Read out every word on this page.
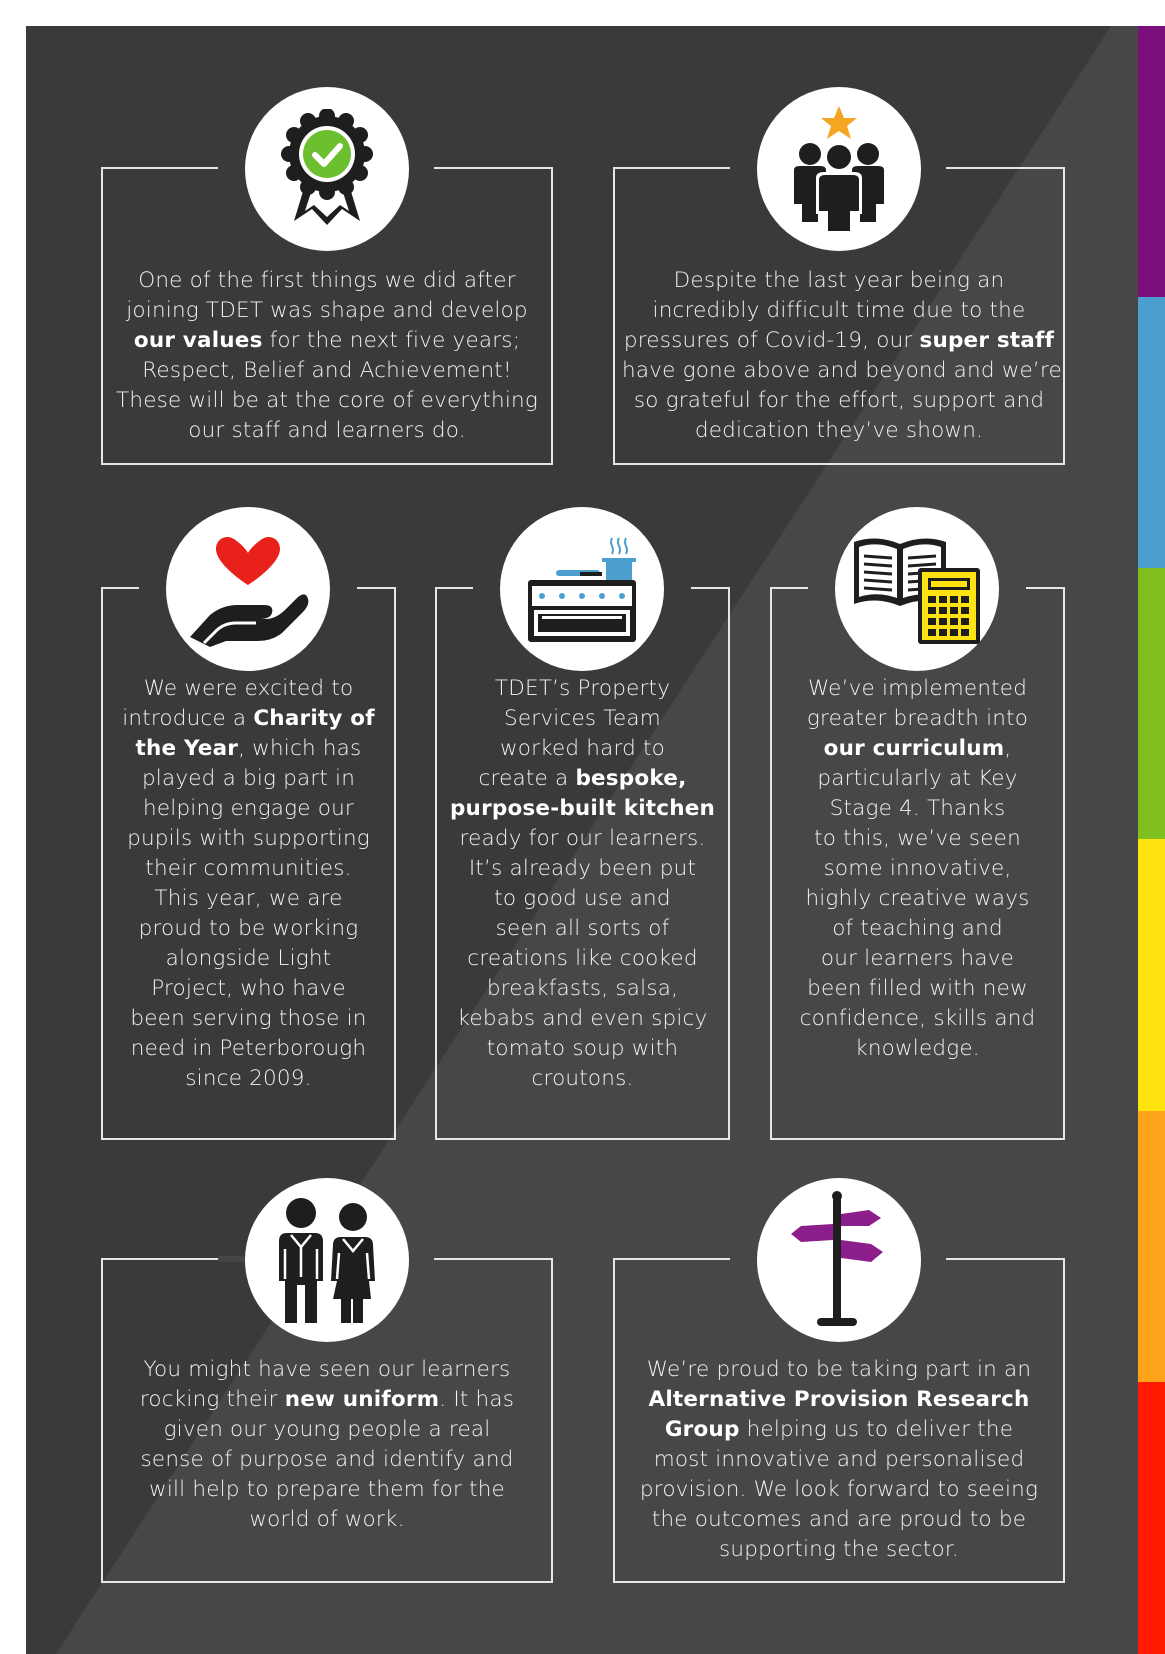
One of the first things we did after
joining TDET was shape and develop
our values for the next five years;
Respect, Belief and Achievement!
These will be at the core of everything
our staff and learners do.
Despite the last year being an
incredibly difficult time due to the
pressures of Covid-19, our super staff
have gone above and beyond and we’re
so grateful for the effort, support and
dedication they’ve shown.
We were excited to
introduce a Charity of
the Year, which has
played a big part in
helping engage our
pupils with supporting
their communities.
This year, we are
proud to be working
alongside Light
Project, who have
been serving those in
need in Peterborough
since 2009.
TDET’s Property
Services Team
worked hard to
create a bespoke,
purpose-built kitchen
ready for our learners.
It’s already been put
to good use and
seen all sorts of
creations like cooked
breakfasts, salsa,
kebabs and even spicy
tomato soup with
croutons.
We’ve implemented
greater breadth into
our curriculum,
particularly at Key
Stage 4. Thanks
to this, we’ve seen
some innovative,
highly creative ways
of teaching and
our learners have
been filled with new
confidence, skills and
knowledge.
You might have seen our learners
rocking their new uniform. It has
given our young people a real
sense of purpose and identify and
will help to prepare them for the
world of work.
We’re proud to be taking part in an
Alternative Provision Research
Group helping us to deliver the
most innovative and personalised
provision. We look forward to seeing
the outcomes and are proud to be
supporting the sector.
